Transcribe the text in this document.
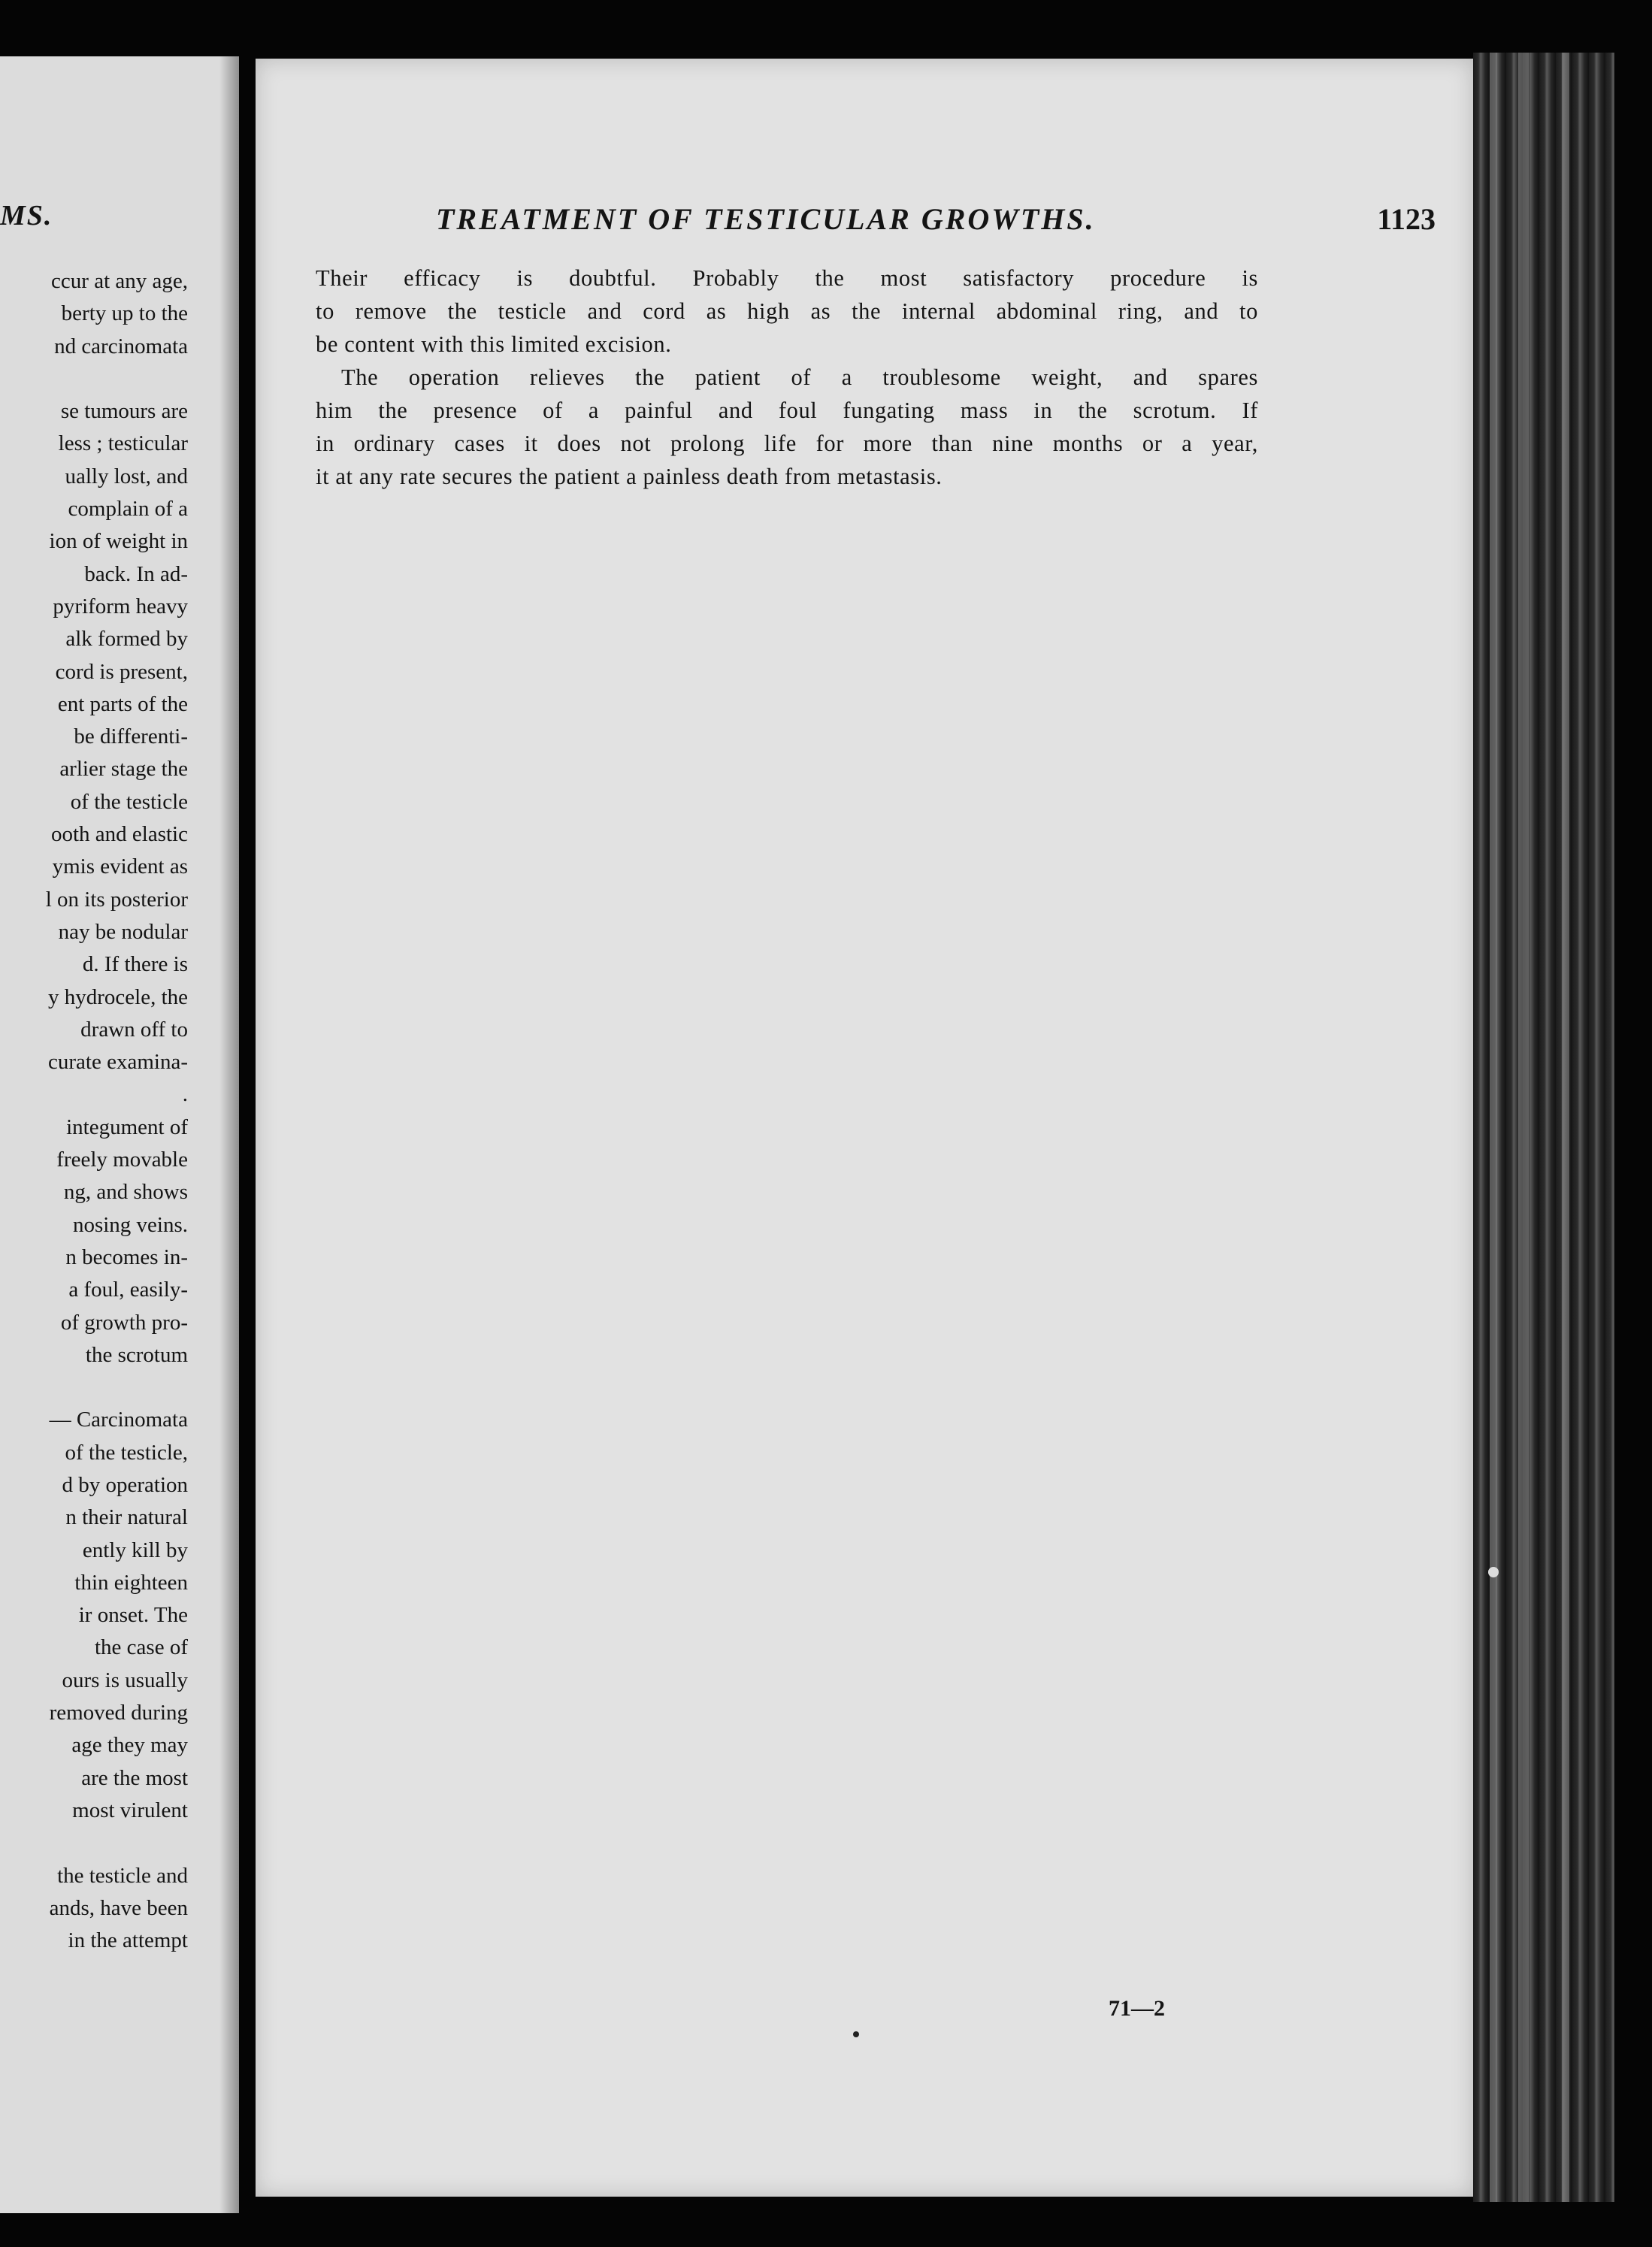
MS.
ccur at any age,
berty up to the
nd carcinomata
se tumours are
less ; testicular
ually lost, and
complain of a
ion of weight in
back. In ad-
pyriform heavy
alk formed by
cord is present,
ent parts of the
be differenti-
arlier stage the
of the testicle
ooth and elastic
ymis evident as
l on its posterior
nay be nodular
d. If there is
y hydrocele, the
drawn off to
curate examina-
.
integument of
freely movable
ng, and shows
nosing veins.
n becomes in-
a foul, easily-
of growth pro-
the scrotum
— Carcinomata
of the testicle,
d by operation
n their natural
ently kill by
thin eighteen
ir onset. The
the case of
ours is usually
removed during
age they may
are the most
most virulent
the testicle and
ands, have been
in the attempt
TREATMENT OF TESTICULAR GROWTHS.	1123
Their efficacy is doubtful. Probably the most satisfactory procedure is
to remove the testicle and cord as high as the internal abdominal ring, and to
be content with this limited excision.
The operation relieves the patient of a troublesome weight, and spares
him the presence of a painful and foul fungating mass in the scrotum. If
in ordinary cases it does not prolong life for more than nine months or a year,
it at any rate secures the patient a painless death from metastasis.
71—2
